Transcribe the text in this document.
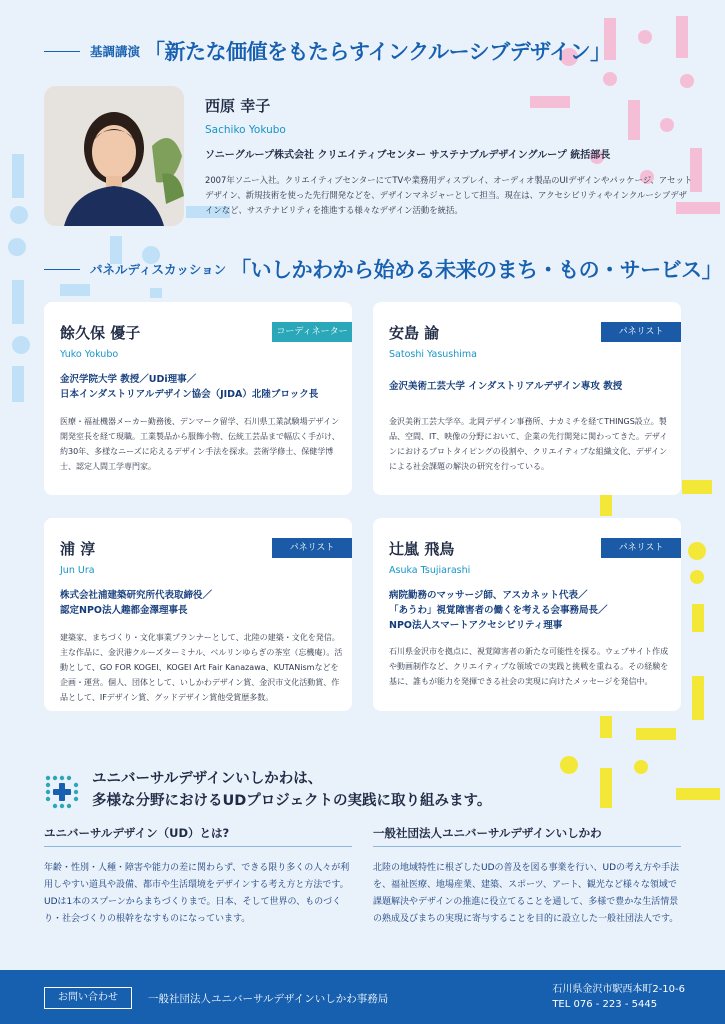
基調講演 「新たな価値をもたらすインクルーシブデザイン」
西原 幸子
Sachiko Yokubo
ソニーグループ株式会社 クリエイティブセンター サステナブルデザイングループ 統括部長
2007年ソニー入社。クリエイティブセンターにてTVや業務用ディスプレイ、オーディオ製品のUIデザインやパッケージ、アセットデザイン、新規技術を使った先行開発などを、デザインマネジャーとして担当。現在は、アクセシビリティやインクルーシブデザインなど、サステナビリティを推進する様々なデザイン活動を統括。
パネルディスカッション 「いしかわから始める未来のまち・もの・サービス」
餘久保 優子
Yuko Yokubo
コーディネーター
金沢学院大学 教授／UDi理事／
日本インダストリアルデザイン協会（JIDA）北陸ブロック長
医療・福祉機器メーカー勤務後、デンマーク留学、石川県工業試験場デザイン開発室長を経て現職。工業製品から服飾小物、伝統工芸品まで幅広く手がけ、約30年、多様なニーズに応えるデザイン手法を探求。芸術学修士、保健学博士、認定人間工学専門家。
安島 諭
Satoshi Yasushima
パネリスト
金沢美術工芸大学 インダストリアルデザイン専攻 教授
金沢美術工芸大学卒。北岡デザイン事務所、ナカミチを経てTHINGS設立。製品、空間、IT、映像の分野において、企業の先行開発に関わってきた。デザインにおけるプロトタイピングの役割や、クリエイティブな組織文化、デザインによる社会課題の解決の研究を行っている。
浦 淳
Jun Ura
パネリスト
株式会社浦建築研究所代表取締役／
認定NPO法人趣都金澤理事長
建築家、まちづくり・文化事業プランナーとして、北陸の建築・文化を発信。主な作品に、金沢港クルーズターミナル、ベルリンゆらぎの茶室（忘機庵）。活動として、GO FOR KOGEI、KOGEI Art Fair Kanazawa、KUTANismなどを企画・運営。個人、団体として、いしかわデザイン賞、金沢市文化活動賞、作品として、IFデザイン賞、グッドデザイン賞他受賞歴多数。
辻嵐 飛鳥
Asuka Tsujiarashi
パネリスト
病院勤務のマッサージ師、アスカネット代表／
「あうわ」視覚障害者の働くを考える会事務局長／
NPO法人スマートアクセシビリティ理事
石川県金沢市を拠点に、視覚障害者の新たな可能性を探る。ウェブサイト作成や動画制作など、クリエイティブな領域での実践と挑戦を重ねる。その経験を基に、誰もが能力を発揮できる社会の実現に向けたメッセージを発信中。
ユニバーサルデザインいしかわは、
多様な分野におけるUDプロジェクトの実践に取り組みます。
ユニバーサルデザイン（UD）とは?
年齢・性別・人種・障害や能力の差に関わらず、できる限り多くの人々が利用しやすい道具や設備、都市や生活環境をデザインする考え方と方法です。UDは1本のスプーンからまちづくりまで。日本、そして世界の、ものづくり・社会づくりの根幹をなすものになっています。
一般社団法人ユニバーサルデザインいしかわ
北陸の地域特性に根ざしたUDの普及を図る事業を行い、UDの考え方や手法を、福祉医療、地場産業、建築、スポーツ、アート、観光など様々な領域で課題解決やデザインの推進に役立てることを通して、多様で豊かな生活情景の熟成及びまちの実現に寄与することを目的に設立した一般社団法人です。
お問い合わせ	一般社団法人ユニバーサルデザインいしかわ事務局
石川県金沢市駅西本町2-10-6
TEL 076 - 223 - 5445
